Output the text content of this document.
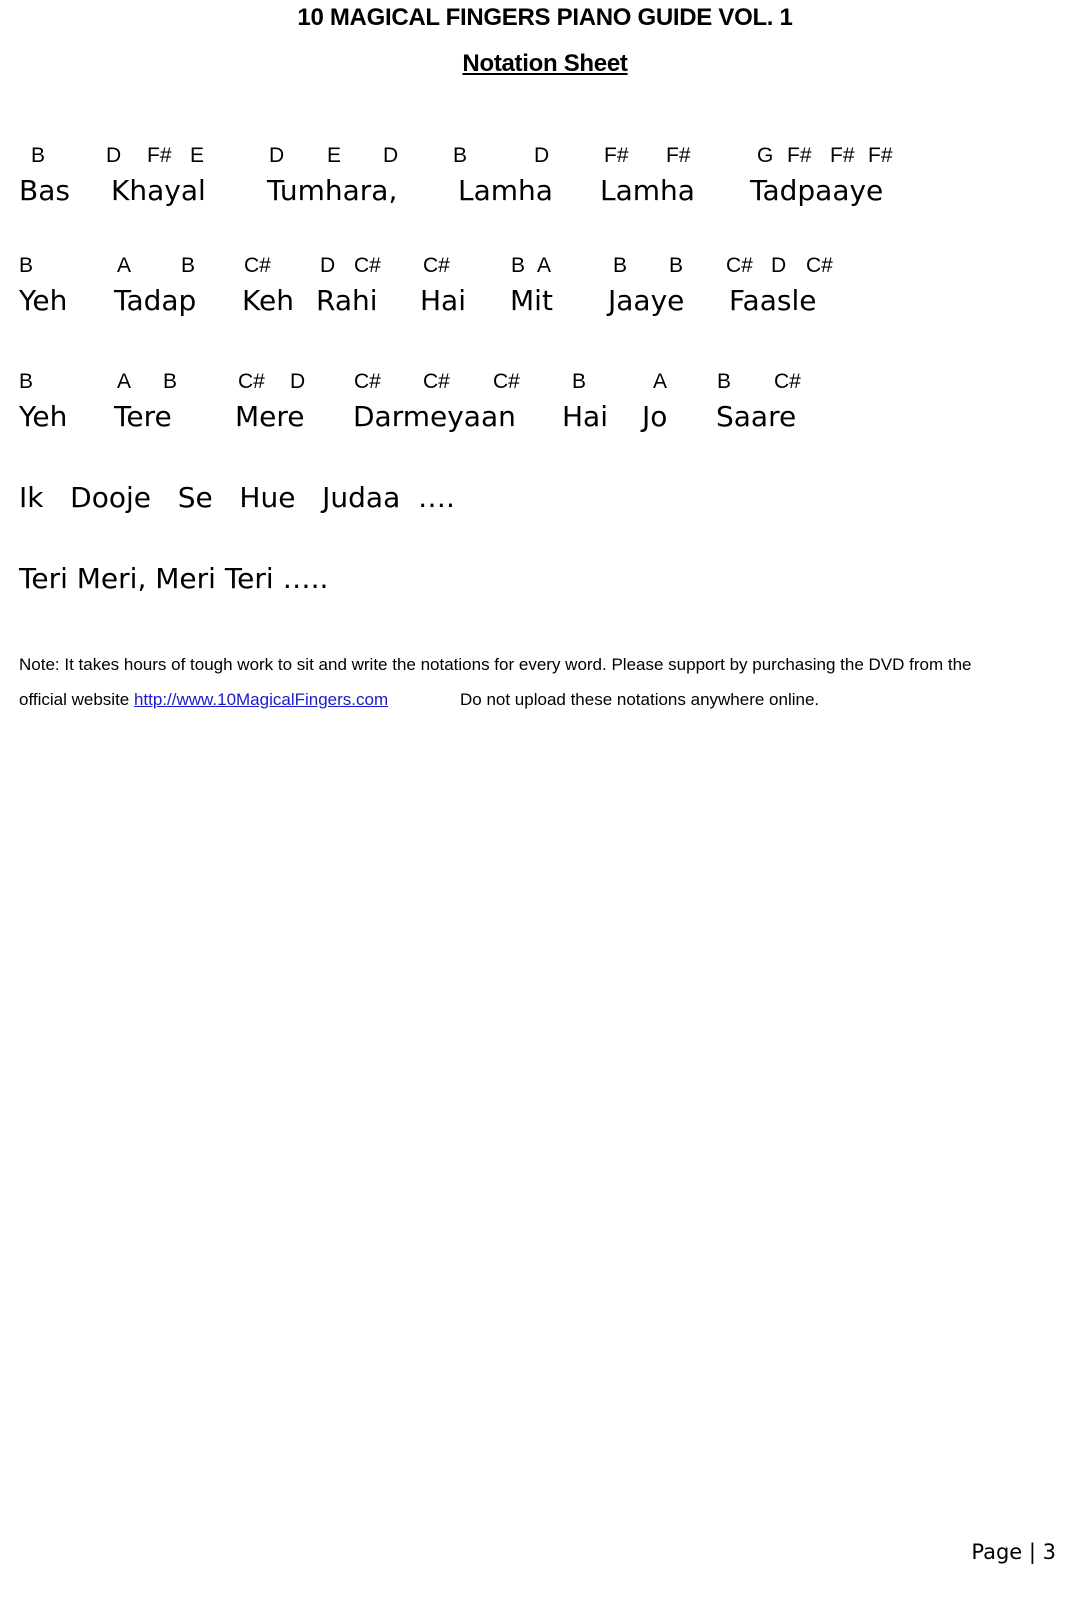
10 MAGICAL FINGERS PIANO GUIDE VOL. 1
Notation Sheet
B	D F# E	D E D	B	D	F# F#	G F# F# F#
Bas Khayal Tumhara, Lamha Lamha Tadpaaye
B	A B C# D C# C#	B A	B B C# D C#
Yeh Tadap Keh Rahi Hai Mit Jaaye Faasle
B	A B	C# D C# C# C# B	A B C#
Yeh Tere Mere Darmeyaan Hai Jo Saare
Ik   Dooje   Se   Hue   Judaa  ….
Teri Meri, Meri Teri …..
Note: It takes hours of tough work to sit and write the notations for every word. Please support by purchasing the DVD from the
official website http://www.10MagicalFingers.com	Do not upload these notations anywhere online.
Page | 3
